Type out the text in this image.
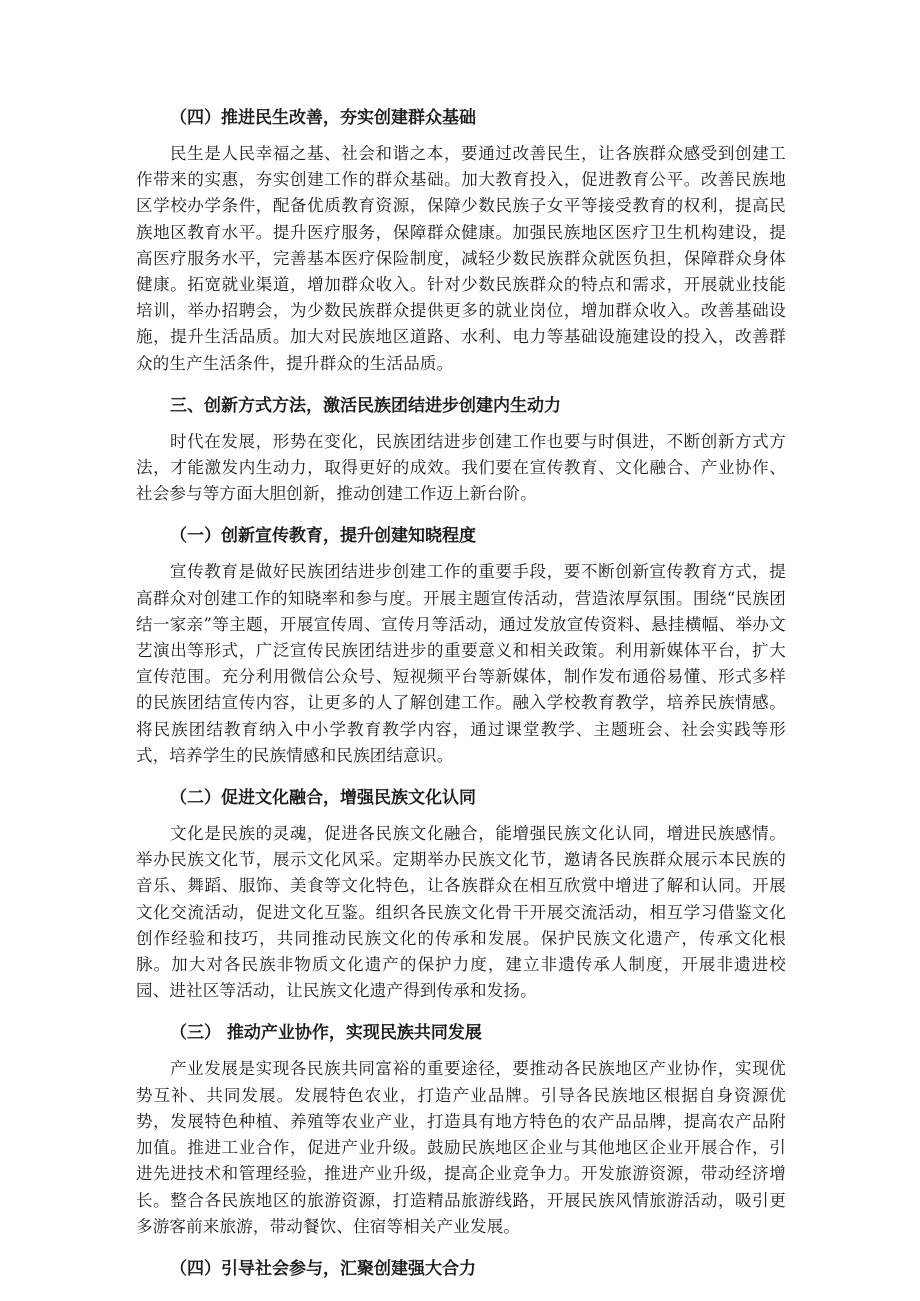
（四）推进民生改善，夯实创建群众基础

民生是人民幸福之基、社会和谐之本，要通过改善民生，让各族群众感受到创建工作带来的实惠，夯实创建工作的群众基础。加大教育投入，促进教育公平。改善民族地区学校办学条件，配备优质教育资源，保障少数民族子女平等接受教育的权利，提高民族地区教育水平。提升医疗服务，保障群众健康。加强民族地区医疗卫生机构建设，提高医疗服务水平，完善基本医疗保险制度，减轻少数民族群众就医负担，保障群众身体健康。拓宽就业渠道，增加群众收入。针对少数民族群众的特点和需求，开展就业技能培训，举办招聘会，为少数民族群众提供更多的就业岗位，增加群众收入。改善基础设施，提升生活品质。加大对民族地区道路、水利、电力等基础设施建设的投入，改善群众的生产生活条件，提升群众的生活品质。

三、创新方式方法，激活民族团结进步创建内生动力

时代在发展，形势在变化，民族团结进步创建工作也要与时俱进，不断创新方式方法，才能激发内生动力，取得更好的成效。我们要在宣传教育、文化融合、产业协作、社会参与等方面大胆创新，推动创建工作迈上新台阶。

（一）创新宣传教育，提升创建知晓程度

宣传教育是做好民族团结进步创建工作的重要手段，要不断创新宣传教育方式，提高群众对创建工作的知晓率和参与度。开展主题宣传活动，营造浓厚氛围。围绕“民族团结一家亲”等主题，开展宣传周、宣传月等活动，通过发放宣传资料、悬挂横幅、举办文艺演出等形式，广泛宣传民族团结进步的重要意义和相关政策。利用新媒体平台，扩大宣传范围。充分利用微信公众号、短视频平台等新媒体，制作发布通俗易懂、形式多样的民族团结宣传内容，让更多的人了解创建工作。融入学校教育教学，培养民族情感。将民族团结教育纳入中小学教育教学内容，通过课堂教学、主题班会、社会实践等形式，培养学生的民族情感和民族团结意识。

（二）促进文化融合，增强民族文化认同

文化是民族的灵魂，促进各民族文化融合，能增强民族文化认同，增进民族感情。举办民族文化节，展示文化风采。定期举办民族文化节，邀请各民族群众展示本民族的音乐、舞蹈、服饰、美食等文化特色，让各族群众在相互欣赏中增进了解和认同。开展文化交流活动，促进文化互鉴。组织各民族文化骨干开展交流活动，相互学习借鉴文化创作经验和技巧，共同推动民族文化的传承和发展。保护民族文化遗产，传承文化根脉。加大对各民族非物质文化遗产的保护力度，建立非遗传承人制度，开展非遗进校园、进社区等活动，让民族文化遗产得到传承和发扬。

（三） 推动产业协作，实现民族共同发展

产业发展是实现各民族共同富裕的重要途径，要推动各民族地区产业协作，实现优势互补、共同发展。发展特色农业，打造产业品牌。引导各民族地区根据自身资源优势，发展特色种植、养殖等农业产业，打造具有地方特色的农产品品牌，提高农产品附加值。推进工业合作，促进产业升级。鼓励民族地区企业与其他地区企业开展合作，引进先进技术和管理经验，推进产业升级，提高企业竞争力。开发旅游资源，带动经济增长。整合各民族地区的旅游资源，打造精品旅游线路，开展民族风情旅游活动，吸引更多游客前来旅游，带动餐饮、住宿等相关产业发展。

（四）引导社会参与，汇聚创建强大合力
